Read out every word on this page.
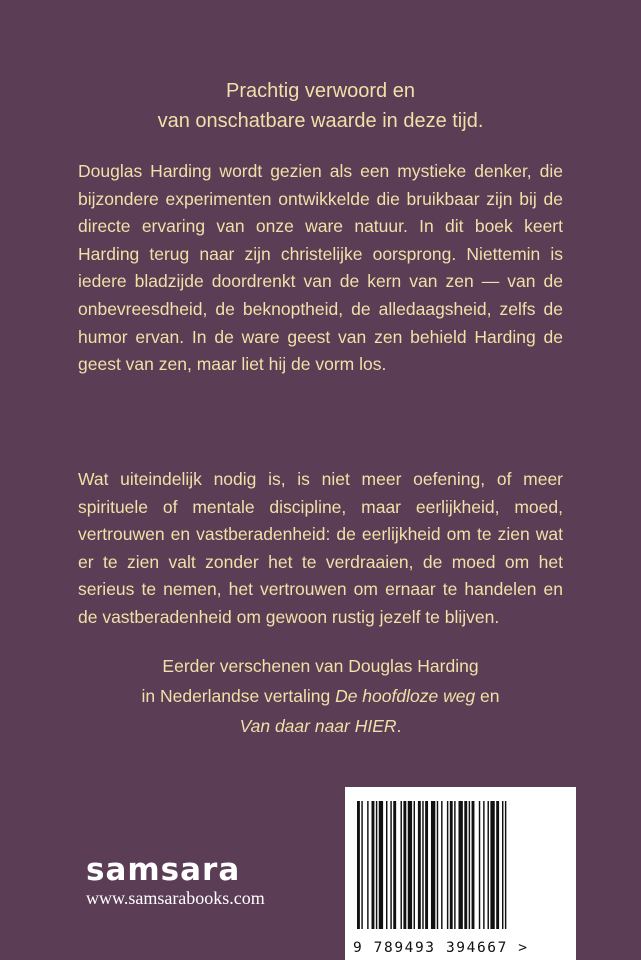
Prachtig verwoord en
van onschatbare waarde in deze tijd.

Douglas Harding wordt gezien als een mystieke denker, die bijzondere experimenten ontwikkelde die bruikbaar zijn bij de directe ervaring van onze ware natuur. In dit boek keert Harding terug naar zijn christelijke oorsprong. Niettemin is iedere bladzijde doordrenkt van de kern van zen — van de onbevreesdheid, de beknoptheid, de alledaagsheid, zelfs de humor ervan. In de ware geest van zen behield Harding de geest van zen, maar liet hij de vorm los.

Wat uiteindelijk nodig is, is niet meer oefening, of meer spirituele of mentale discipline, maar eerlijkheid, moed, vertrouwen en vastberadenheid: de eerlijkheid om te zien wat er te zien valt zonder het te verdraaien, de moed om het serieus te nemen, het vertrouwen om ernaar te handelen en de vastberadenheid om gewoon rustig jezelf te blijven.

Eerder verschenen van Douglas Harding
in Nederlandse vertaling De hoofdloze weg en
Van daar naar HIER.
samsara
www.samsarabooks.com
9 789493 394667 >
